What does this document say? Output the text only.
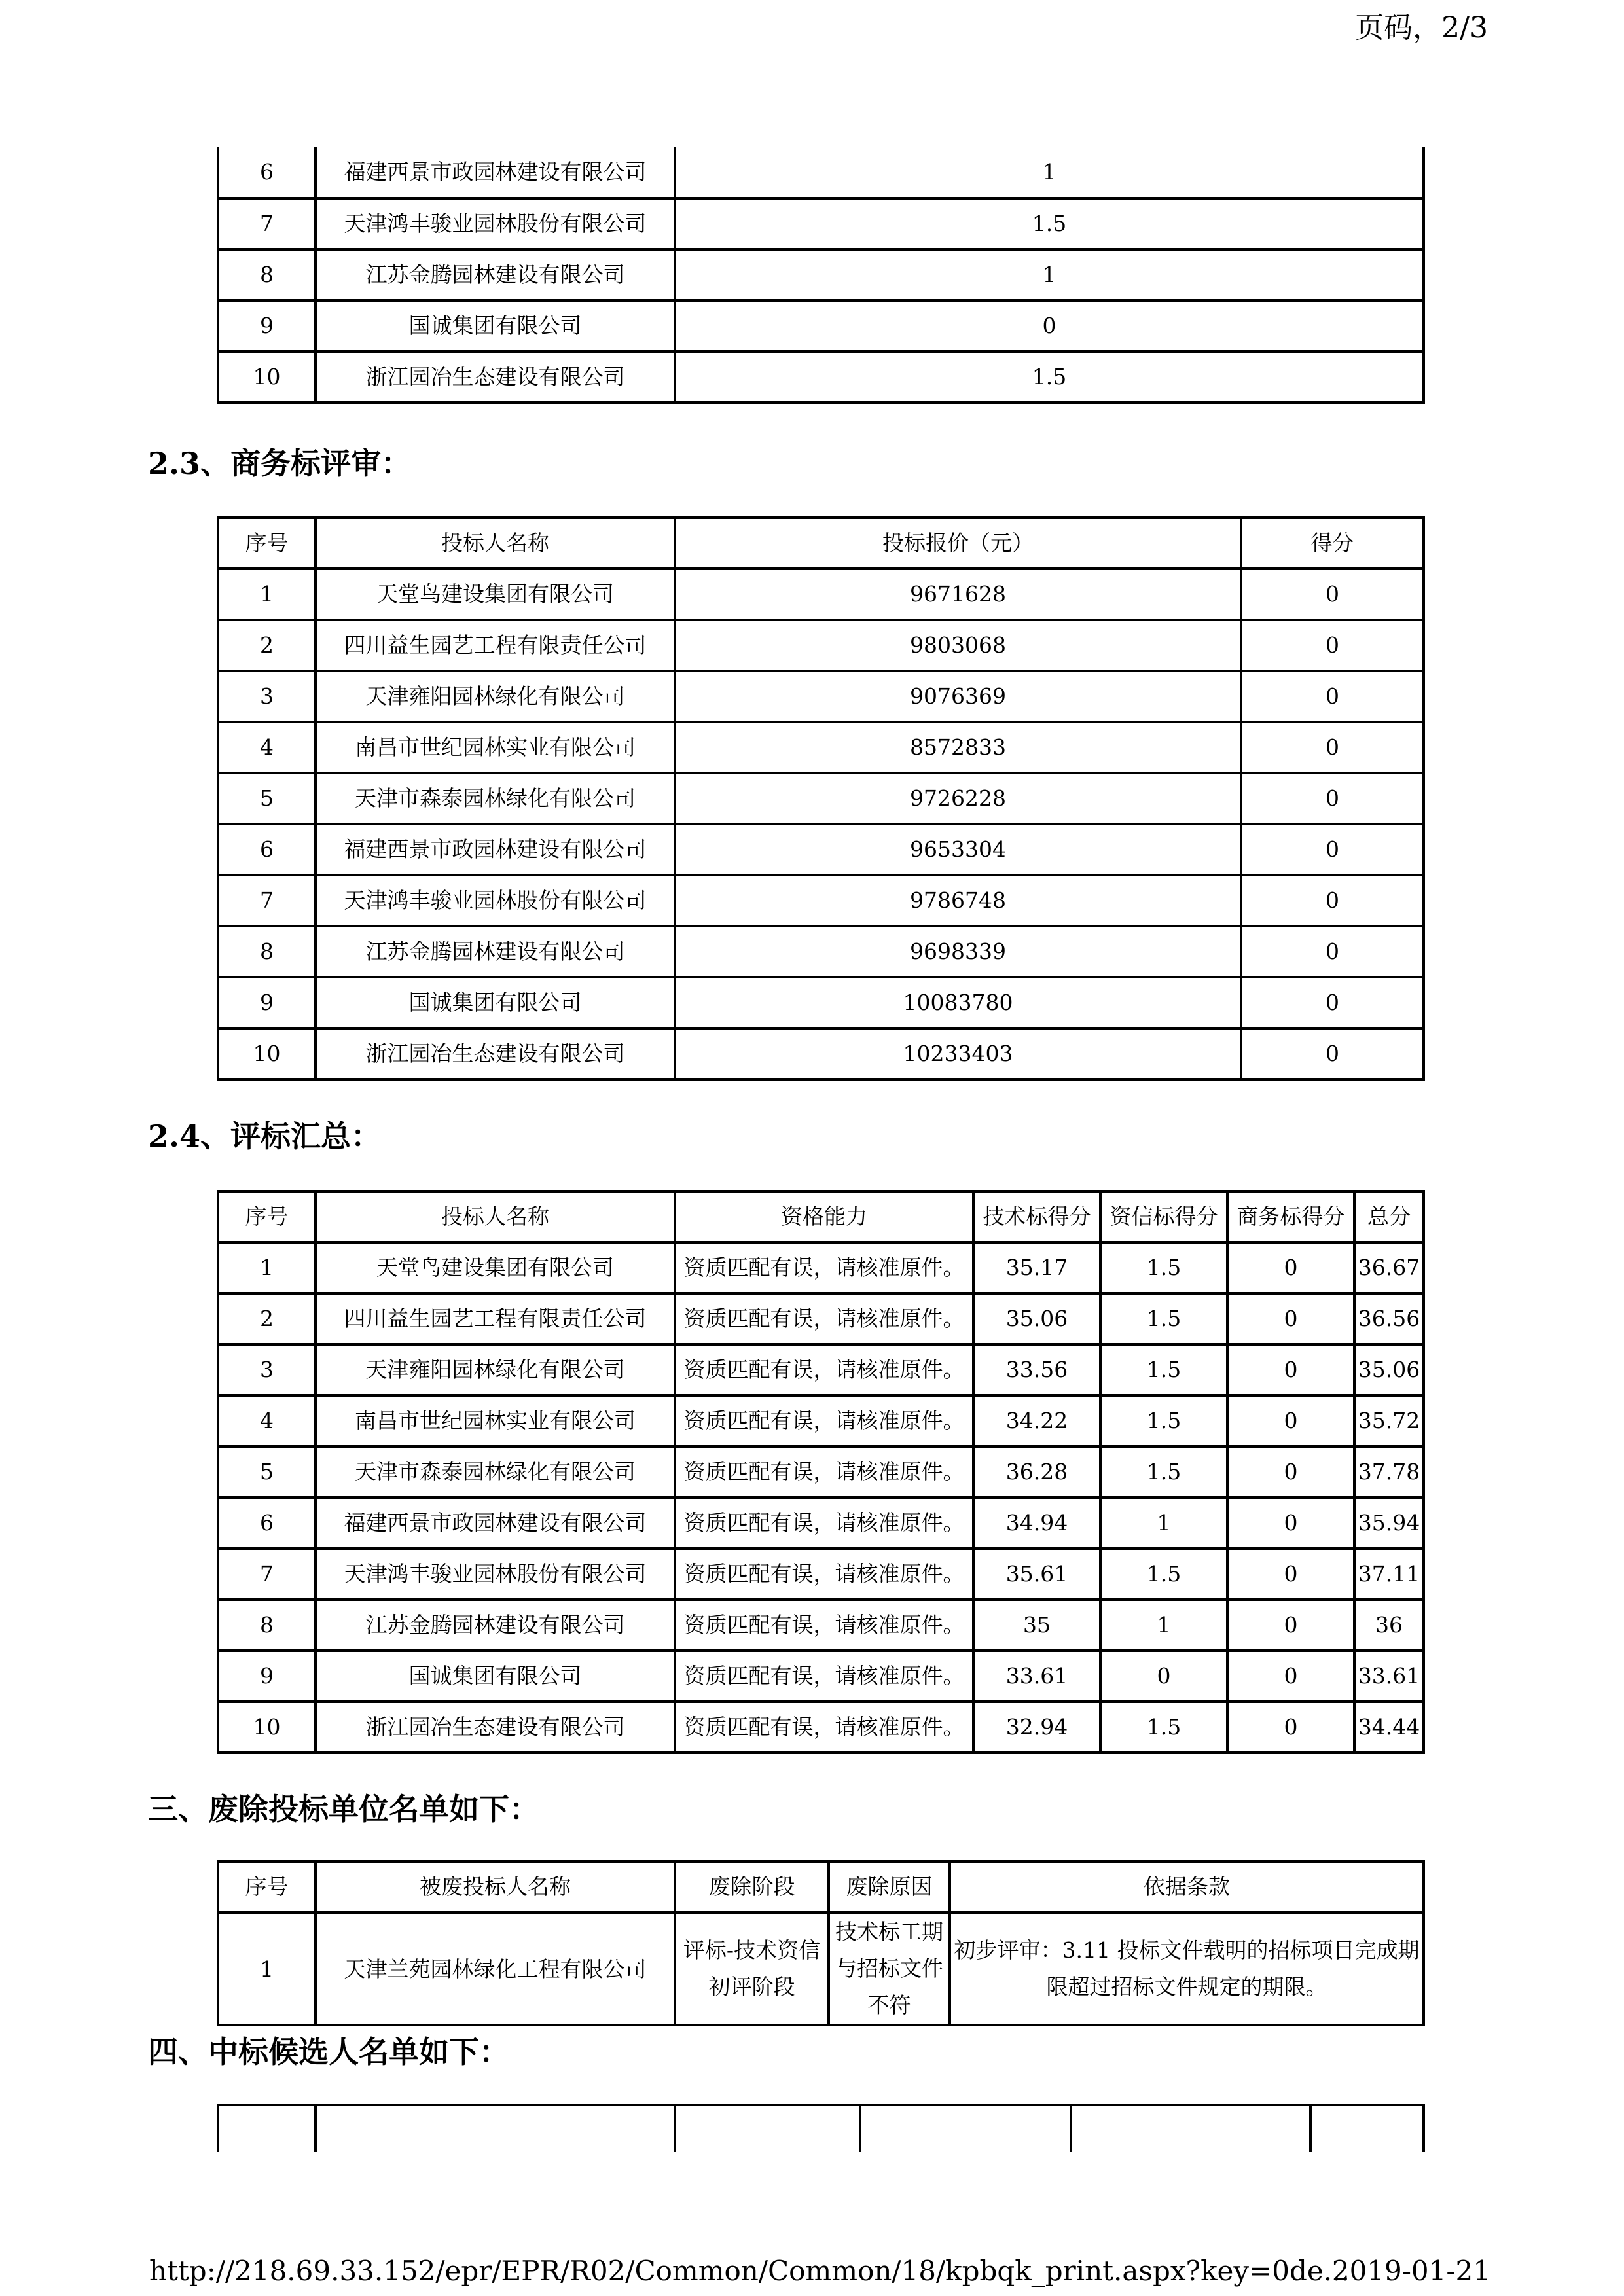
页码，2/3
6	福建西景市政园林建设有限公司	1
7	天津鸿丰骏业园林股份有限公司	1.5
8	江苏金腾园林建设有限公司	1
9	国诚集团有限公司	0
10	浙江园冶生态建设有限公司	1.5
2.3、商务标评审：
序号	投标人名称	投标报价（元）	得分
1	天堂鸟建设集团有限公司	9671628	0
2	四川益生园艺工程有限责任公司	9803068	0
3	天津雍阳园林绿化有限公司	9076369	0
4	南昌市世纪园林实业有限公司	8572833	0
5	天津市森泰园林绿化有限公司	9726228	0
6	福建西景市政园林建设有限公司	9653304	0
7	天津鸿丰骏业园林股份有限公司	9786748	0
8	江苏金腾园林建设有限公司	9698339	0
9	国诚集团有限公司	10083780	0
10	浙江园冶生态建设有限公司	10233403	0
2.4、评标汇总：
序号	投标人名称	资格能力	技术标得分	资信标得分	商务标得分	总分
1	天堂鸟建设集团有限公司	资质匹配有误，请核准原件。	35.17	1.5	0	36.67
2	四川益生园艺工程有限责任公司	资质匹配有误，请核准原件。	35.06	1.5	0	36.56
3	天津雍阳园林绿化有限公司	资质匹配有误，请核准原件。	33.56	1.5	0	35.06
4	南昌市世纪园林实业有限公司	资质匹配有误，请核准原件。	34.22	1.5	0	35.72
5	天津市森泰园林绿化有限公司	资质匹配有误，请核准原件。	36.28	1.5	0	37.78
6	福建西景市政园林建设有限公司	资质匹配有误，请核准原件。	34.94	1	0	35.94
7	天津鸿丰骏业园林股份有限公司	资质匹配有误，请核准原件。	35.61	1.5	0	37.11
8	江苏金腾园林建设有限公司	资质匹配有误，请核准原件。	35	1	0	36
9	国诚集团有限公司	资质匹配有误，请核准原件。	33.61	0	0	33.61
10	浙江园冶生态建设有限公司	资质匹配有误，请核准原件。	32.94	1.5	0	34.44
三、废除投标单位名单如下：
序号	被废投标人名称	废除阶段	废除原因	依据条款
1	天津兰苑园林绿化工程有限公司	评标-技术资信初评阶段	技术标工期与招标文件不符	初步评审：3.11 投标文件载明的招标项目完成期限超过招标文件规定的期限。
四、中标候选人名单如下：

http://218.69.33.152/epr/EPR/R02/Common/Common/18/kpbqk_print.aspx?key=0de...
2019-01-21
